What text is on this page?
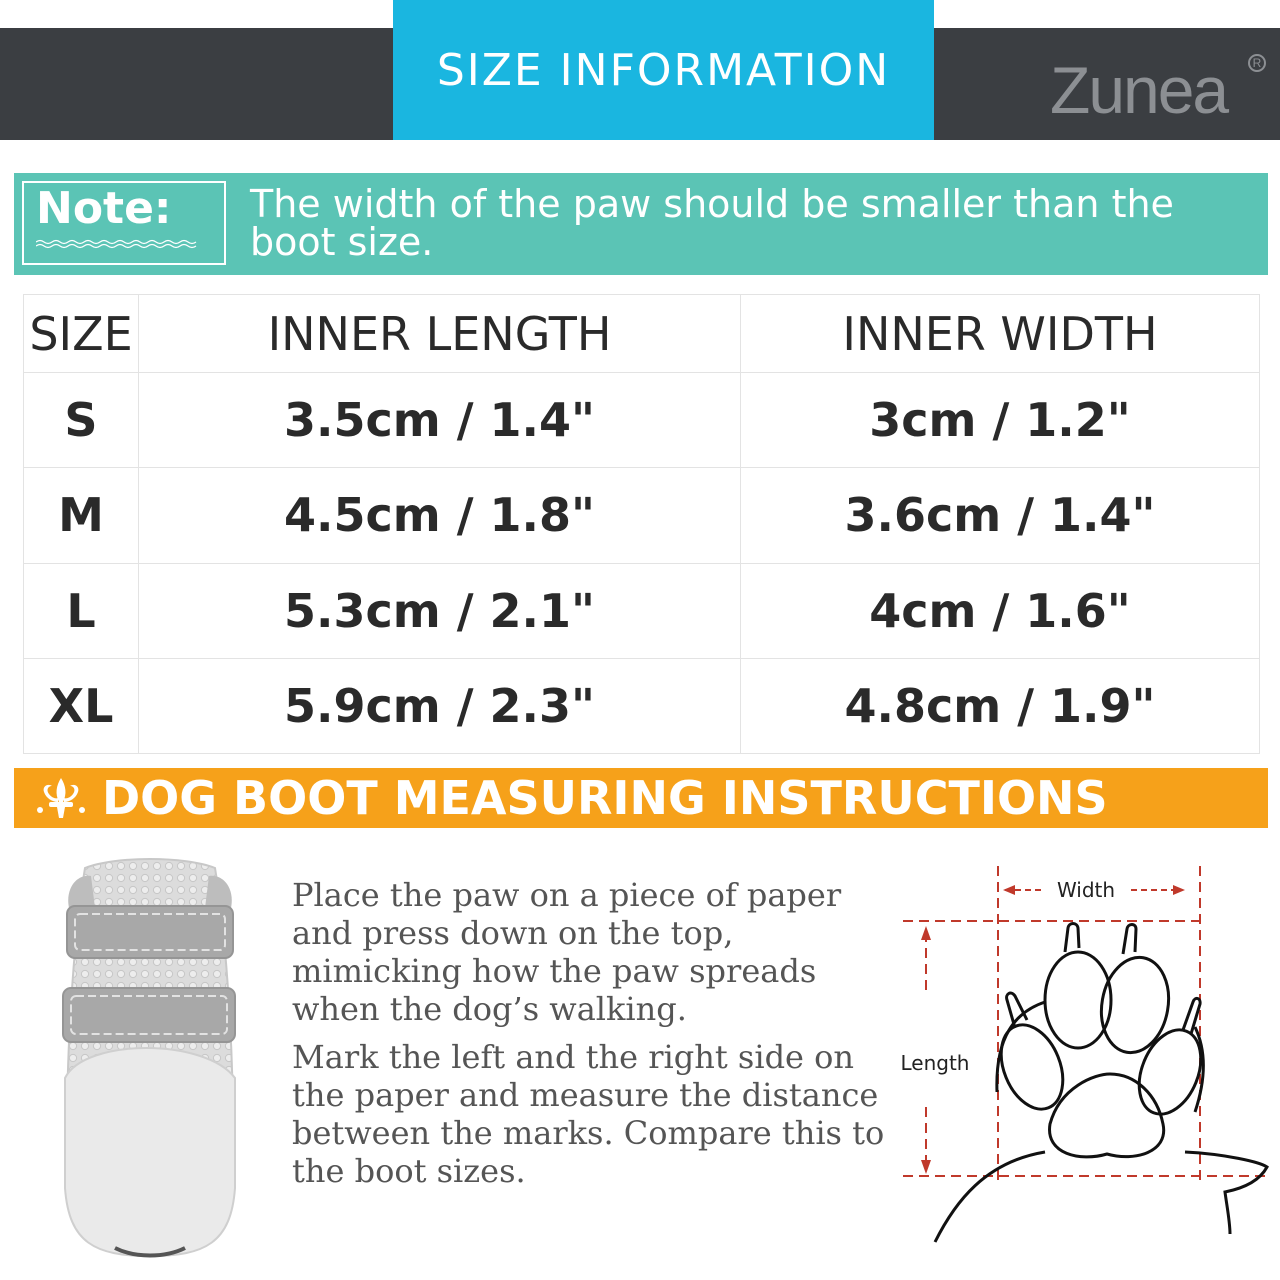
SIZE INFORMATION Zunea	R
Note: The width of the paw should be smaller than the boot size.
SIZE	INNER LENGTH	INNER WIDTH
S	3.5cm / 1.4"	3cm / 1.2"
M	4.5cm / 1.8"	3.6cm / 1.4"
L	5.3cm / 2.1"	4cm / 1.6"
XL	5.9cm / 2.3"	4.8cm / 1.9"
DOG BOOT MEASURING INSTRUCTIONS

Place the paw on a piece of paper and press down on the top, mimicking how the paw spreads when the dog’s walking.

Mark the left and the right side on the paper and measure the distance between the marks. Compare this to the boot sizes.

Width
Length
